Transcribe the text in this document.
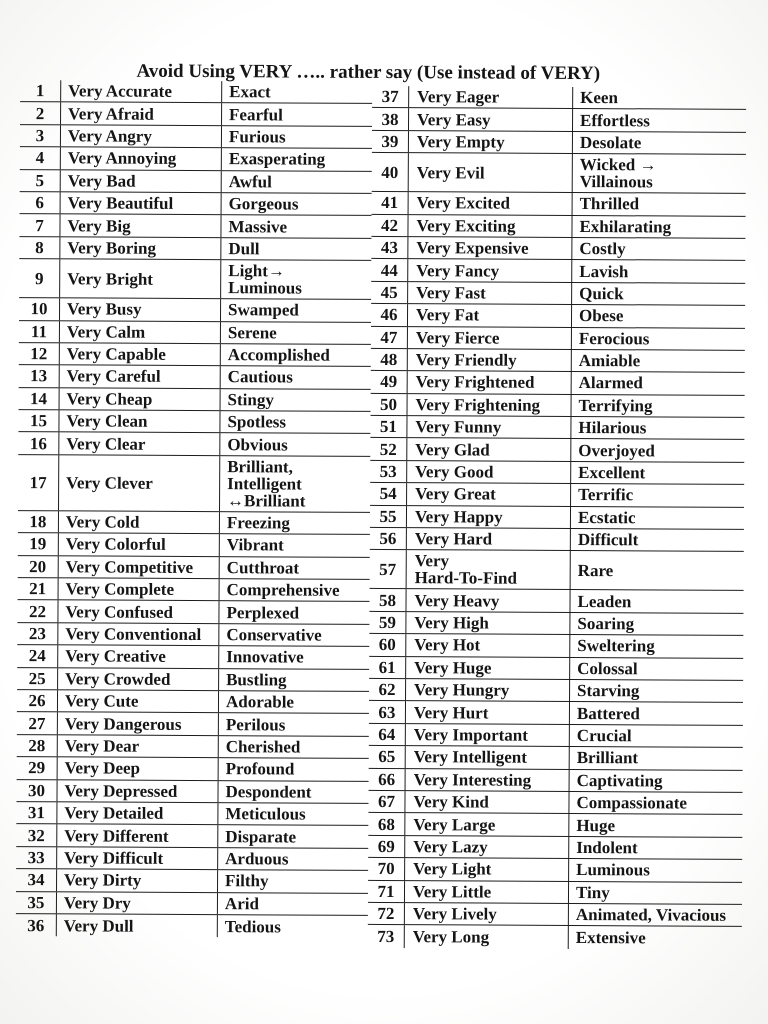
Avoid Using VERY ….. rather say (Use instead of VERY)
1	Very Accurate	Exact
2	Very Afraid	Fearful
3	Very Angry	Furious
4	Very Annoying	Exasperating
5	Very Bad	Awful
6	Very Beautiful	Gorgeous
7	Very Big	Massive
8	Very Boring	Dull
9	Very Bright	Light→
Luminous
10	Very Busy	Swamped
11	Very Calm	Serene
12	Very Capable	Accomplished
13	Very Careful	Cautious
14	Very Cheap	Stingy
15	Very Clean	Spotless
16	Very Clear	Obvious
17	Very Clever
Brilliant,
Intelligent
↔Brilliant
18	Very Cold	Freezing
19	Very Colorful	Vibrant
20	Very Competitive	Cutthroat
21	Very Complete	Comprehensive
22	Very Confused	Perplexed
23	Very Conventional	Conservative
24	Very Creative	Innovative
25	Very Crowded	Bustling
26	Very Cute	Adorable
27	Very Dangerous	Perilous
28	Very Dear	Cherished
29	Very Deep	Profound
30	Very Depressed	Despondent
31	Very Detailed	Meticulous
32	Very Different	Disparate
33	Very Difficult	Arduous
34	Very Dirty	Filthy
35	Very Dry	Arid
36	Very Dull	Tedious
37	Very Eager	Keen
38	Very Easy	Effortless
39	Very Empty	Desolate
40	Very Evil	Wicked →
Villainous
41	Very Excited	Thrilled
42	Very Exciting	Exhilarating
43	Very Expensive	Costly
44	Very Fancy	Lavish
45	Very Fast	Quick
46	Very Fat	Obese
47	Very Fierce	Ferocious
48	Very Friendly	Amiable
49	Very Frightened	Alarmed
50	Very Frightening	Terrifying
51	Very Funny	Hilarious
52	Very Glad	Overjoyed
53	Very Good	Excellent
54	Very Great	Terrific
55	Very Happy	Ecstatic
56	Very Hard	Difficult
57	Very
Hard-To-Find	Rare
58	Very Heavy	Leaden
59	Very High	Soaring
60	Very Hot	Sweltering
61	Very Huge	Colossal
62	Very Hungry	Starving
63	Very Hurt	Battered
64	Very Important	Crucial
65	Very Intelligent	Brilliant
66	Very Interesting	Captivating
67	Very Kind	Compassionate
68	Very Large	Huge
69	Very Lazy	Indolent
70	Very Light	Luminous
71	Very Little	Tiny
72	Very Lively	Animated, Vivacious
73	Very Long	Extensive
